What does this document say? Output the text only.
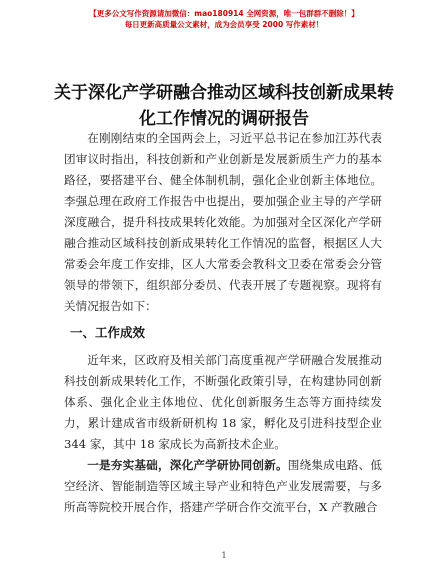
【更多公文写作资源请加微信：mao180914 全网资源，唯一包群群不删除！】
每日更新高质量公文素材，成为会员享受 2000 写作素材！
关于深化产学研融合推动区域科技创新成果转
化工作情况的调研报告

在刚刚结束的全国两会上，习近平总书记在参加江苏代表团审议时指出，科技创新和产业创新是发展新质生产力的基本路径，要搭建平台、健全体制机制，强化企业创新主体地位。李强总理在政府工作报告中也提出，要加强企业主导的产学研深度融合，提升科技成果转化效能。为加强对全区深化产学研融合推动区域科技创新成果转化工作情况的监督，根据区人大常委会年度工作安排，区人大常委会教科文卫委在常委会分管领导的带领下，组织部分委员、代表开展了专题视察。现将有关情况报告如下：

一、工作成效

近年来，区政府及相关部门高度重视产学研融合发展推动科技创新成果转化工作，不断强化政策引导，在构建协同创新体系、强化企业主体地位、优化创新服务生态等方面持续发力，累计建成省市级新研机构 18 家，孵化及引进科技型企业 344 家，其中 18 家成长为高新技术企业。

一是夯实基础，深化产学研协同创新。围绕集成电路、低空经济、智能制造等区域主导产业和特色产业发展需要，与多所高等院校开展合作，搭建产学研合作交流平台，X 产教融合

1
